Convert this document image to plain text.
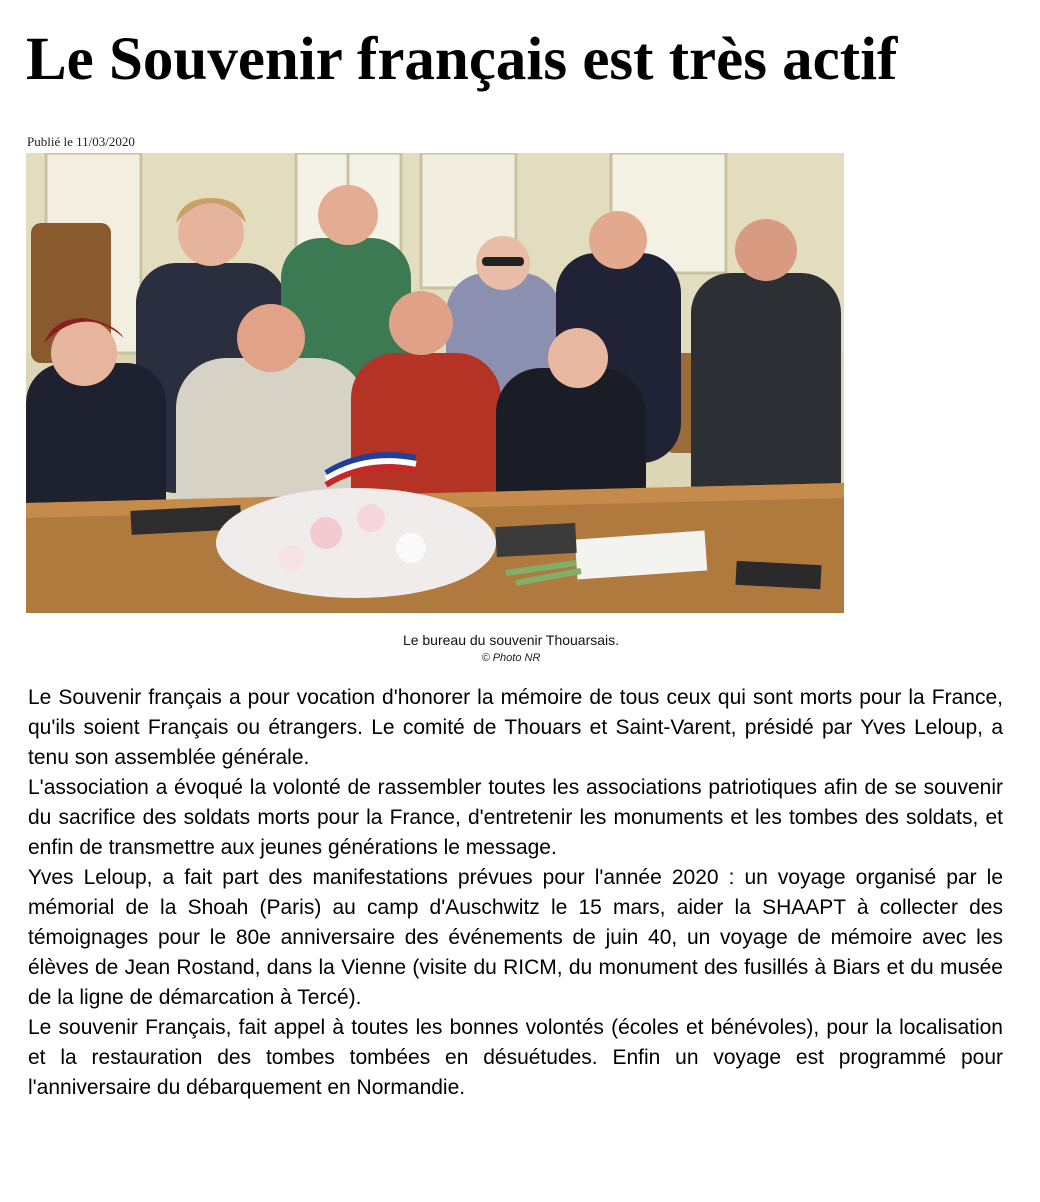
Le Souvenir français est très actif
Publié le 11/03/2020
Le bureau du souvenir Thouarsais.
© Photo NR

Le Souvenir français a pour vocation d'honorer la mémoire de tous ceux qui sont morts pour la France, qu'ils soient Français ou étrangers. Le comité de Thouars et Saint-Varent, présidé par Yves Leloup, a tenu son assemblée générale.

L'association a évoqué la volonté de rassembler toutes les associations patriotiques afin de se souvenir du sacrifice des soldats morts pour la France, d'entretenir les monuments et les tombes des soldats, et enfin de transmettre aux jeunes générations le message.

Yves Leloup, a fait part des manifestations prévues pour l'année 2020 : un voyage organisé par le mémorial de la Shoah (Paris) au camp d'Auschwitz le 15 mars, aider la SHAAPT à collecter des témoignages pour le 80e anniversaire des événements de juin 40, un voyage de mémoire avec les élèves de Jean Rostand, dans la Vienne (visite du RICM, du monument des fusillés à Biars et du musée de la ligne de démarcation à Tercé).

Le souvenir Français, fait appel à toutes les bonnes volontés (écoles et bénévoles), pour la localisation et la restauration des tombes tombées en désuétudes. Enfin un voyage est programmé pour l'anniversaire du débarquement en Normandie.
